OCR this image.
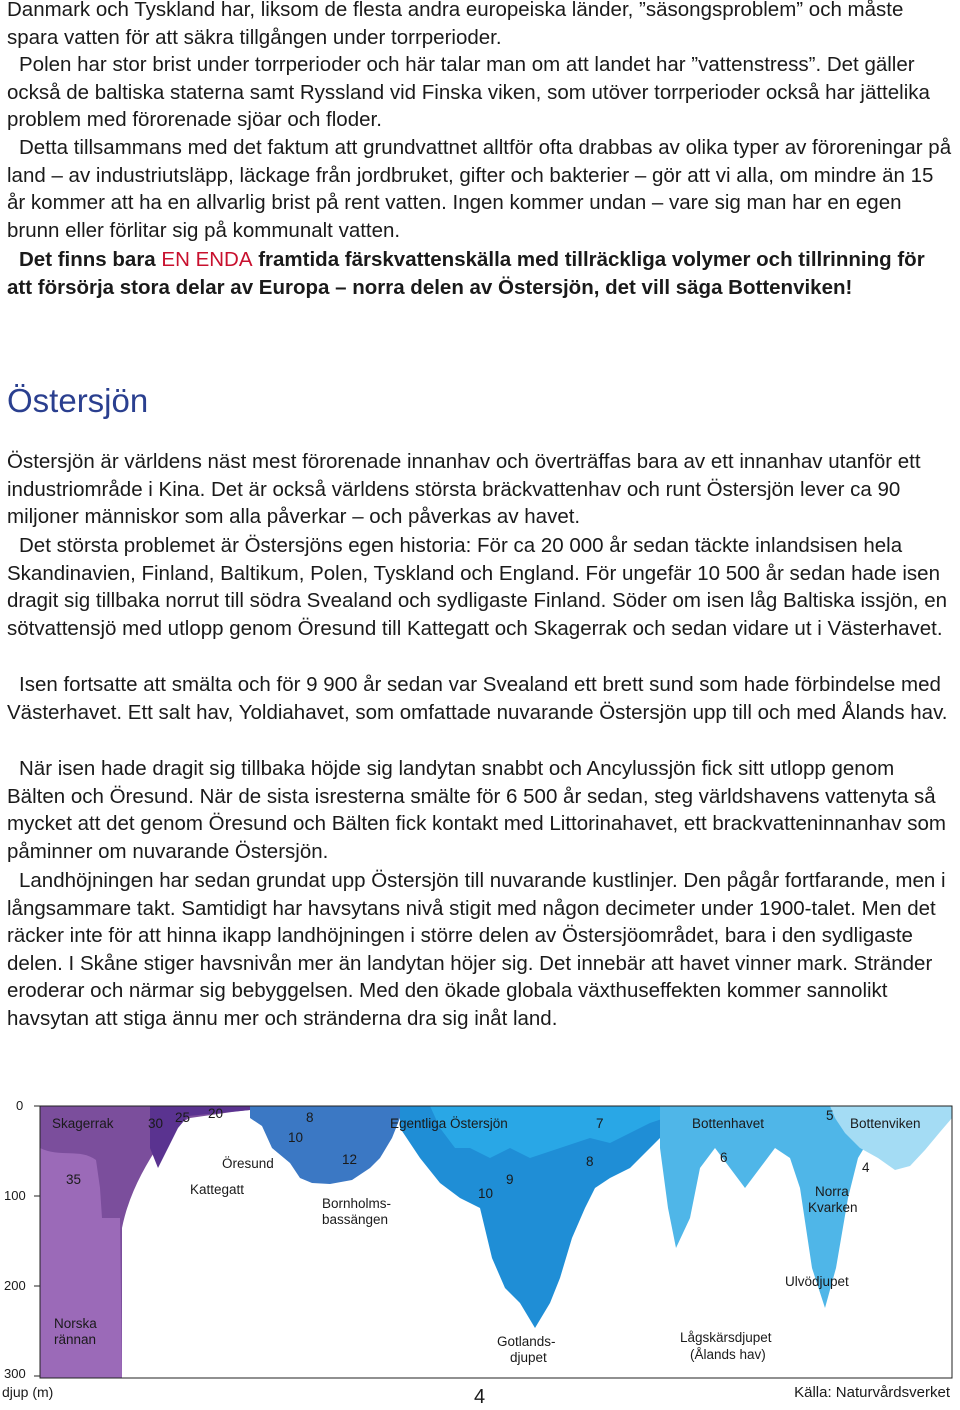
Danmark och Tyskland har, liksom de flesta andra europeiska länder, ”säsongsproblem” och måste spara vatten för att säkra tillgången under torrperioder.

Polen har stor brist under torrperioder och här talar man om att landet har ”vattenstress”. Det gäller också de baltiska staterna samt Ryssland vid Finska viken, som utöver torrperioder också har jättelika problem med förorenade sjöar och floder.

Detta tillsammans med det faktum att grundvattnet alltför ofta drabbas av olika typer av föroreningar på land – av industriutsläpp, läckage från jordbruket, gifter och bakterier – gör att vi alla, om mindre än 15 år kommer att ha en allvarlig brist på rent vatten. Ingen kommer undan – vare sig man har en egen brunn eller förlitar sig på kommunalt vatten.

Det finns bara EN ENDA framtida färskvattenskälla med tillräckliga volymer och tillrinning för att försörja stora delar av Europa – norra delen av Östersjön, det vill säga Bottenviken!

Östersjön

Östersjön är världens näst mest förorenade innanhav och överträffas bara av ett innanhav utanför ett industriområde i Kina. Det är också världens största bräckvattenhav och runt Östersjön lever ca 90 miljoner människor som alla påverkar – och påverkas av havet.

Det största problemet är Östersjöns egen historia: För ca 20 000 år sedan täckte inlandsisen hela Skandinavien, Finland, Baltikum, Polen, Tyskland och England. För ungefär 10 500 år sedan hade isen dragit sig tillbaka norrut till södra Svealand och sydligaste Finland. Söder om isen låg Baltiska issjön, en sötvattensjö med utlopp genom Öresund till Kattegatt och Skagerrak och sedan vidare ut i Västerhavet.

Isen fortsatte att smälta och för 9 900 år sedan var Svealand ett brett sund som hade förbindelse med Västerhavet. Ett salt hav, Yoldiahavet, som omfattade nuvarande Östersjön upp till och med Ålands hav.

När isen hade dragit sig tillbaka höjde sig landytan snabbt och Ancylussjön fick sitt utlopp genom Bälten och Öresund. När de sista isresterna smälte för 6 500 år sedan, steg världshavens vattenyta så mycket att det genom Öresund och Bälten fick kontakt med Littorinahavet, ett brackvatteninnanhav som påminner om nuvarande Östersjön.

Landhöjningen har sedan grundat upp Östersjön till nuvarande kustlinjer. Den pågår fortfarande, men i långsammare takt. Samtidigt har havsytans nivå stigit med någon decimeter under 1900-talet. Men det räcker inte för att hinna ikapp landhöjningen i större delen av Östersjöområdet, bara i den sydligaste delen. I Skåne stiger havsnivån mer än landytan höjer sig. Det innebär att havet vinner mark. Stränder eroderar och närmar sig bebyggelsen. Med den ökade globala växthuseffekten kommer sannolikt havsytan att stiga ännu mer och stränderna dra sig inåt land.

0
100
200
300
Skagerrak
Öresund
Kattegatt
Bornholms-
bassängen
Egentliga Östersjön	Bottenhavet	Bottenviken
Norra
Kvarken
Norska
rännan	Gotlands-
djupet
Ulvödjupet
Lågskärsdjupet
(Ålands hav)
35
30 25 20
10
8
12
10
9
7
8	6
5
4
djup (m)	4	Källa: Naturvårdsverket
